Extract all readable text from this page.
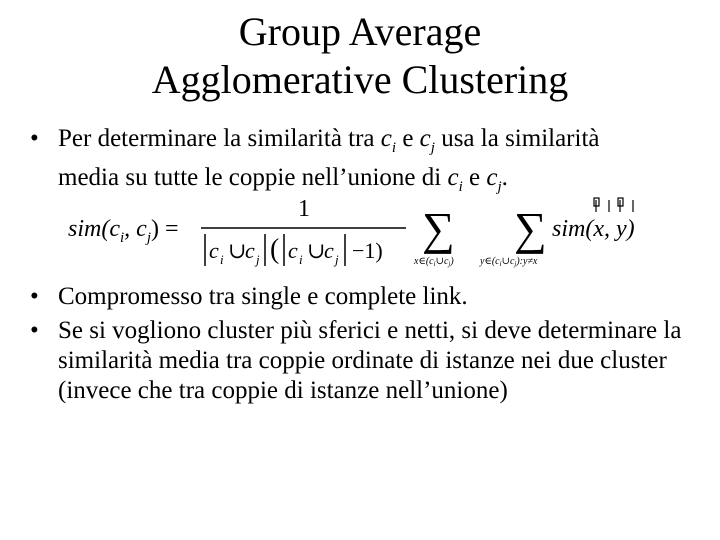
Group Average
Agglomerative Clustering
• Per determinare la similarità tra $c_i$ e $c_j$ usa la similarità
media su tutte le coppie nell’unione di $c_i$ e $c_j$.
$sim(c_i$, $c_j$) =
1
c i ∪
c j ( c i ∪
c j −1) ∑
$x\in(c_i\cup c_j)$
∑
$y\in(c_i\cup c_j):y\ne x$
sim(x, y)
• Compromesso tra single e complete link.
• Se si vogliono cluster più sferici e netti, si deve determinare la similarità media tra coppie ordinate di istanze nei due cluster (invece che tra coppie di istanze nell’unione)
